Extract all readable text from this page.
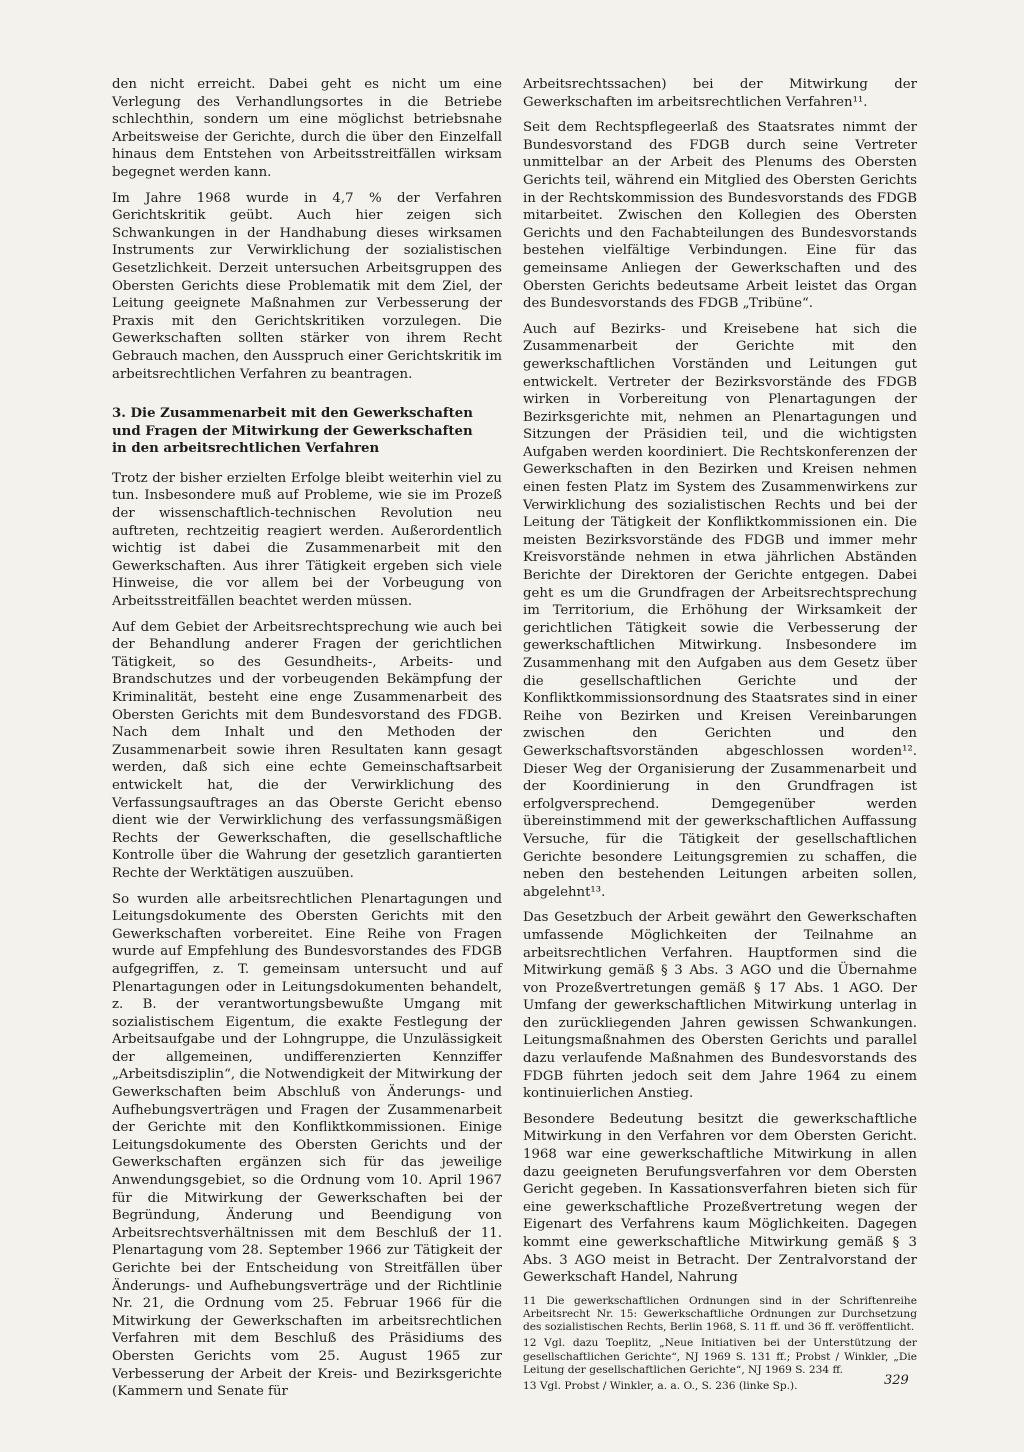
den nicht erreicht. Dabei geht es nicht um eine Verlegung des Verhandlungsortes in die Betriebe schlechthin, sondern um eine möglichst betriebsnahe Arbeitsweise der Gerichte, durch die über den Einzelfall hinaus dem Entstehen von Arbeitsstreitfällen wirksam begegnet werden kann.

Im Jahre 1968 wurde in 4,7 % der Verfahren Gerichtskritik geübt. Auch hier zeigen sich Schwankungen in der Handhabung dieses wirksamen Instruments zur Verwirklichung der sozialistischen Gesetzlichkeit. Derzeit untersuchen Arbeitsgruppen des Obersten Gerichts diese Problematik mit dem Ziel, der Leitung geeignete Maßnahmen zur Verbesserung der Praxis mit den Gerichtskritiken vorzulegen. Die Gewerkschaften sollten stärker von ihrem Recht Gebrauch machen, den Ausspruch einer Gerichtskritik im arbeitsrechtlichen Verfahren zu beantragen.

3. Die Zusammenarbeit mit den Gewerkschaften
und Fragen der Mitwirkung der Gewerkschaften
in den arbeitsrechtlichen Verfahren

Trotz der bisher erzielten Erfolge bleibt weiterhin viel zu tun. Insbesondere muß auf Probleme, wie sie im Prozeß der wissenschaftlich-technischen Revolution neu auftreten, rechtzeitig reagiert werden. Außerordentlich wichtig ist dabei die Zusammenarbeit mit den Gewerkschaften. Aus ihrer Tätigkeit ergeben sich viele Hinweise, die vor allem bei der Vorbeugung von Arbeitsstreitfällen beachtet werden müssen.

Auf dem Gebiet der Arbeitsrechtsprechung wie auch bei der Behandlung anderer Fragen der gerichtlichen Tätigkeit, so des Gesundheits-, Arbeits- und Brandschutzes und der vorbeugenden Bekämpfung der Kriminalität, besteht eine enge Zusammenarbeit des Obersten Gerichts mit dem Bundesvorstand des FDGB. Nach dem Inhalt und den Methoden der Zusammenarbeit sowie ihren Resultaten kann gesagt werden, daß sich eine echte Gemeinschaftsarbeit entwickelt hat, die der Verwirklichung des Verfassungsauftrages an das Oberste Gericht ebenso dient wie der Verwirklichung des verfassungsmäßigen Rechts der Gewerkschaften, die gesellschaftliche Kontrolle über die Wahrung der gesetzlich garantierten Rechte der Werktätigen auszuüben.

So wurden alle arbeitsrechtlichen Plenartagungen und Leitungsdokumente des Obersten Gerichts mit den Gewerkschaften vorbereitet. Eine Reihe von Fragen wurde auf Empfehlung des Bundesvorstandes des FDGB aufgegriffen, z. T. gemeinsam untersucht und auf Plenartagungen oder in Leitungsdokumenten behandelt, z. B. der verantwortungsbewußte Umgang mit sozialistischem Eigentum, die exakte Festlegung der Arbeitsaufgabe und der Lohngruppe, die Unzulässigkeit der allgemeinen, undifferenzierten Kennziffer „Arbeitsdisziplin“, die Notwendigkeit der Mitwirkung der Gewerkschaften beim Abschluß von Änderungs- und Aufhebungsverträgen und Fragen der Zusammenarbeit der Gerichte mit den Konfliktkommissionen. Einige Leitungsdokumente des Obersten Gerichts und der Gewerkschaften ergänzen sich für das jeweilige Anwendungsgebiet, so die Ordnung vom 10. April 1967 für die Mitwirkung der Gewerkschaften bei der Begründung, Änderung und Beendigung von Arbeitsrechtsverhältnissen mit dem Beschluß der 11. Plenartagung vom 28. September 1966 zur Tätigkeit der Gerichte bei der Entscheidung von Streitfällen über Änderungs- und Aufhebungsverträge und der Richtlinie Nr. 21, die Ordnung vom 25. Februar 1966 für die Mitwirkung der Gewerkschaften im arbeitsrechtlichen Verfahren mit dem Beschluß des Präsidiums des Obersten Gerichts vom 25. August 1965 zur Verbesserung der Arbeit der Kreis- und Bezirksgerichte (Kammern und Senate für

Arbeitsrechtssachen) bei der Mitwirkung der Gewerkschaften im arbeitsrechtlichen Verfahren¹¹.

Seit dem Rechtspflegeerlaß des Staatsrates nimmt der Bundesvorstand des FDGB durch seine Vertreter unmittelbar an der Arbeit des Plenums des Obersten Gerichts teil, während ein Mitglied des Obersten Gerichts in der Rechtskommission des Bundesvorstands des FDGB mitarbeitet. Zwischen den Kollegien des Obersten Gerichts und den Fachabteilungen des Bundesvorstands bestehen vielfältige Verbindungen. Eine für das gemeinsame Anliegen der Gewerkschaften und des Obersten Gerichts bedeutsame Arbeit leistet das Organ des Bundesvorstands des FDGB „Tribüne“.

Auch auf Bezirks- und Kreisebene hat sich die Zusammenarbeit der Gerichte mit den gewerkschaftlichen Vorständen und Leitungen gut entwickelt. Vertreter der Bezirksvorstände des FDGB wirken in Vorbereitung von Plenartagungen der Bezirksgerichte mit, nehmen an Plenartagungen und Sitzungen der Präsidien teil, und die wichtigsten Aufgaben werden koordiniert. Die Rechtskonferenzen der Gewerkschaften in den Bezirken und Kreisen nehmen einen festen Platz im System des Zusammenwirkens zur Verwirklichung des sozialistischen Rechts und bei der Leitung der Tätigkeit der Konfliktkommissionen ein. Die meisten Bezirksvorstände des FDGB und immer mehr Kreisvorstände nehmen in etwa jährlichen Abständen Berichte der Direktoren der Gerichte entgegen. Dabei geht es um die Grundfragen der Arbeitsrechtsprechung im Territorium, die Erhöhung der Wirksamkeit der gerichtlichen Tätigkeit sowie die Verbesserung der gewerkschaftlichen Mitwirkung. Insbesondere im Zusammenhang mit den Aufgaben aus dem Gesetz über die gesellschaftlichen Gerichte und der Konfliktkommissionsordnung des Staatsrates sind in einer Reihe von Bezirken und Kreisen Vereinbarungen zwischen den Gerichten und den Gewerkschaftsvorständen abgeschlossen worden¹². Dieser Weg der Organisierung der Zusammenarbeit und der Koordinierung in den Grundfragen ist erfolgversprechend. Demgegenüber werden übereinstimmend mit der gewerkschaftlichen Auffassung Versuche, für die Tätigkeit der gesellschaftlichen Gerichte besondere Leitungsgremien zu schaffen, die neben den bestehenden Leitungen arbeiten sollen, abgelehnt¹³.

Das Gesetzbuch der Arbeit gewährt den Gewerkschaften umfassende Möglichkeiten der Teilnahme an arbeitsrechtlichen Verfahren. Hauptformen sind die Mitwirkung gemäß § 3 Abs. 3 AGO und die Übernahme von Prozeßvertretungen gemäß § 17 Abs. 1 AGO. Der Umfang der gewerkschaftlichen Mitwirkung unterlag in den zurückliegenden Jahren gewissen Schwankungen. Leitungsmaßnahmen des Obersten Gerichts und parallel dazu verlaufende Maßnahmen des Bundesvorstands des FDGB führten jedoch seit dem Jahre 1964 zu einem kontinuierlichen Anstieg.

Besondere Bedeutung besitzt die gewerkschaftliche Mitwirkung in den Verfahren vor dem Obersten Gericht. 1968 war eine gewerkschaftliche Mitwirkung in allen dazu geeigneten Berufungsverfahren vor dem Obersten Gericht gegeben. In Kassationsverfahren bieten sich für eine gewerkschaftliche Prozeßvertretung wegen der Eigenart des Verfahrens kaum Möglichkeiten. Dagegen kommt eine gewerkschaftliche Mitwirkung gemäß § 3 Abs. 3 AGO meist in Betracht. Der Zentralvorstand der Gewerkschaft Handel, Nahrung

11 Die gewerkschaftlichen Ordnungen sind in der Schriftenreihe Arbeitsrecht Nr. 15: Gewerkschaftliche Ordnungen zur Durchsetzung des sozialistischen Rechts, Berlin 1968, S. 11 ff. und 36 ff. veröffentlicht.

12 Vgl. dazu Toeplitz, „Neue Initiativen bei der Unterstützung der gesellschaftlichen Gerichte“, NJ 1969 S. 131 ff.; Probst / Winkler, „Die Leitung der gesellschaftlichen Gerichte“, NJ 1969 S. 234 ff.

13 Vgl. Probst / Winkler, a. a. O., S. 236 (linke Sp.).	329
